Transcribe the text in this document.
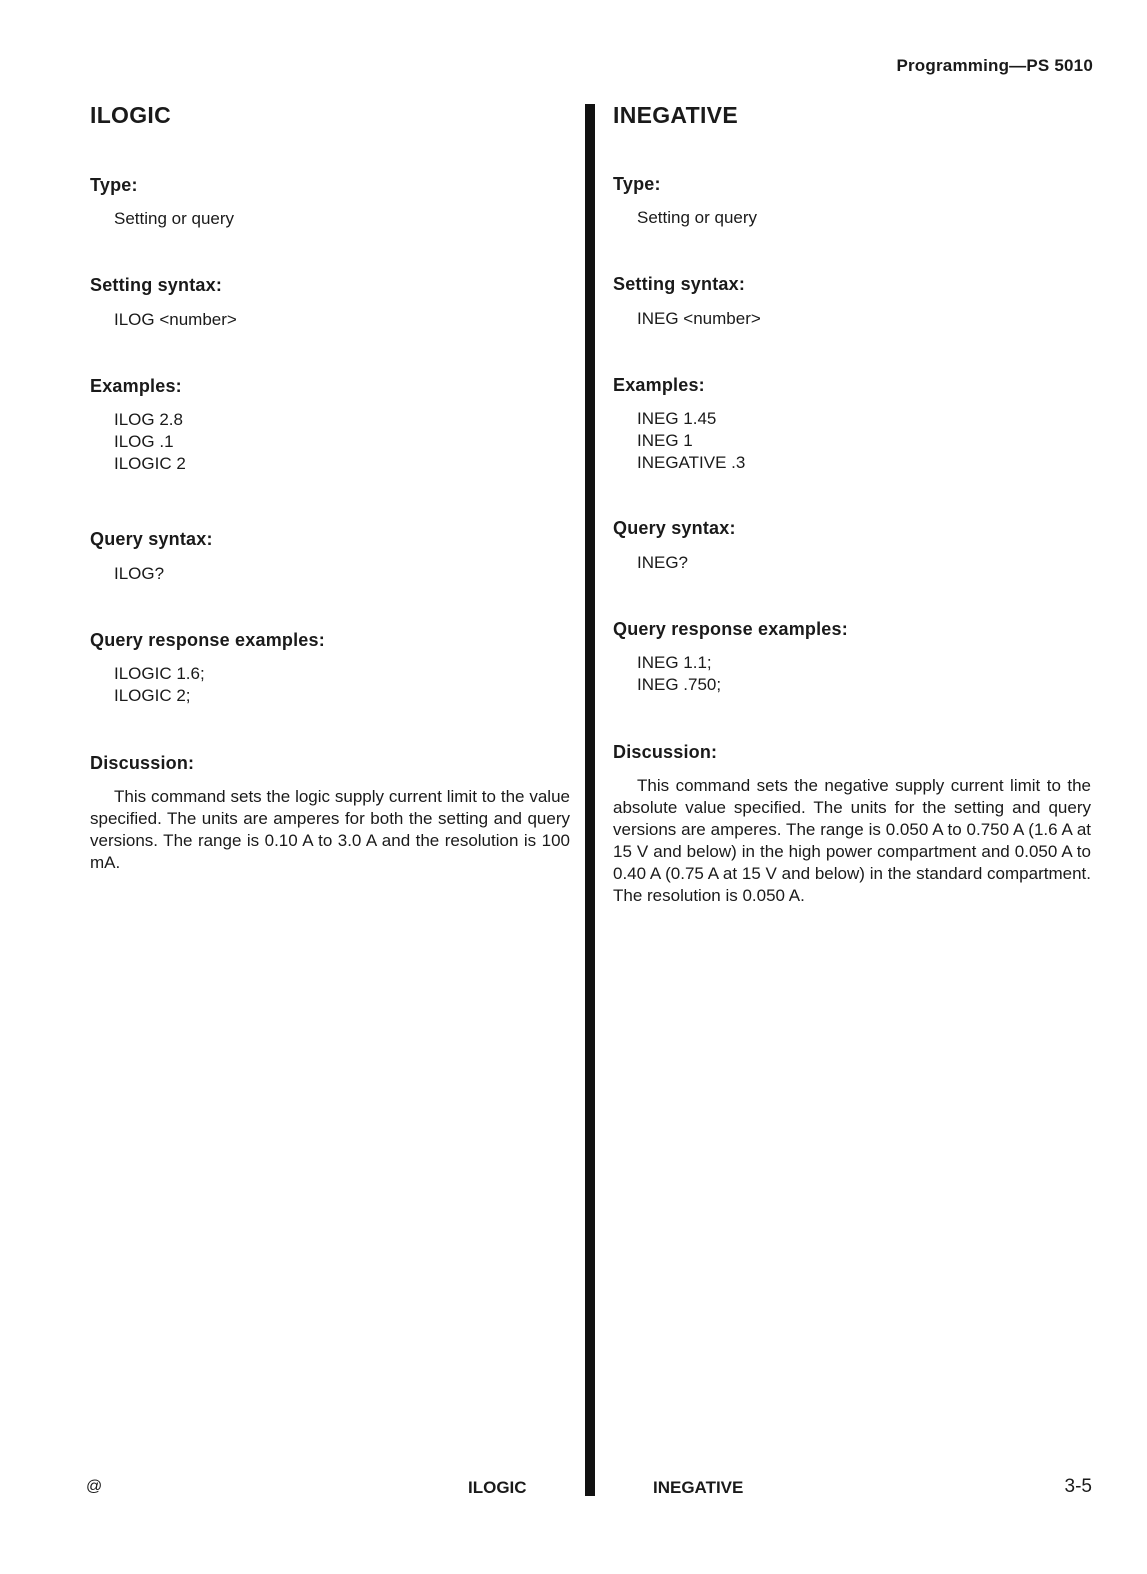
Programming—PS 5010
ILOGIC

Type:

Setting or query

Setting syntax:

ILOG <number>

Examples:

ILOG 2.8

ILOG .1

ILOGIC 2

Query syntax:

ILOG?

Query response examples:

ILOGIC 1.6;

ILOGIC 2;

Discussion:

This command sets the logic supply current limit to the value specified. The units are amperes for both the setting and query versions. The range is 0.10 A to 3.0 A and the resolution is 100 mA.

INEGATIVE

Type:

Setting or query

Setting syntax:

INEG <number>

Examples:

INEG 1.45

INEG 1

INEGATIVE .3

Query syntax:

INEG?

Query response examples:

INEG 1.1;

INEG .750;

Discussion:

This command sets the negative supply current limit to the absolute value specified. The units for the setting and query versions are amperes. The range is 0.050 A to 0.750 A (1.6 A at 15 V and below) in the high power compartment and 0.050 A to 0.40 A (0.75 A at 15 V and below) in the standard compartment. The resolution is 0.050 A.

@	ILOGIC	INEGATIVE	3-5
